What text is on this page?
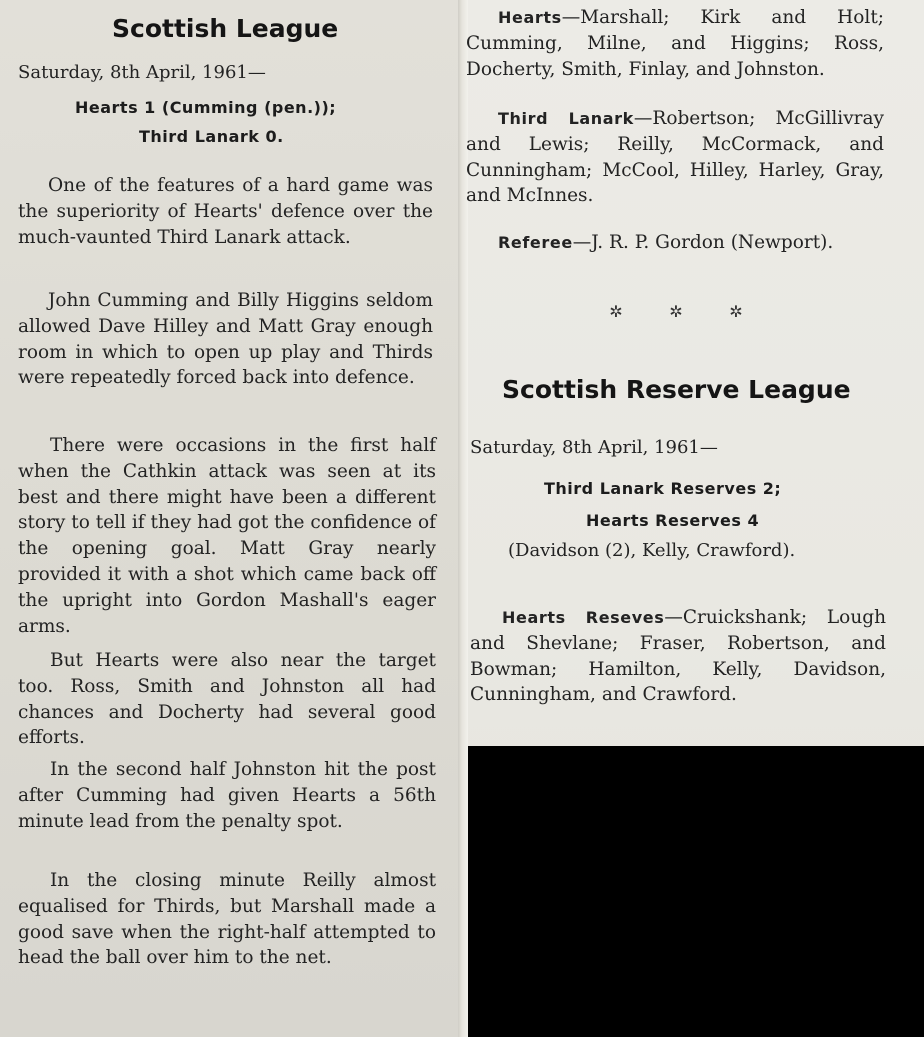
Scottish League
Saturday, 8th April, 1961—
Hearts 1 (Cumming (pen.));
Third Lanark 0.
One of the features of a hard game was the superiority of Hearts' defence over the much-vaunted Third Lanark attack.
John Cumming and Billy Higgins seldom allowed Dave Hilley and Matt Gray enough room in which to open up play and Thirds were repeatedly forced back into defence.
There were occasions in the first half when the Cathkin attack was seen at its best and there might have been a different story to tell if they had got the confidence of the opening goal. Matt Gray nearly provided it with a shot which came back off the upright into Gordon Mashall's eager arms.
But Hearts were also near the target too. Ross, Smith and Johnston all had chances and Docherty had several good efforts.
In the second half Johnston hit the post after Cumming had given Hearts a 56th minute lead from the penalty spot.
In the closing minute Reilly almost equalised for Thirds, but Marshall made a good save when the right-half attempted to head the ball over him to the net.
Hearts—Marshall; Kirk and Holt; Cumming, Milne, and Higgins; Ross, Docherty, Smith, Finlay, and Johnston.
Third Lanark—Robertson; McGillivray and Lewis; Reilly, McCormack, and Cunningham; McCool, Hilley, Harley, Gray, and McInnes.
Referee—J. R. P. Gordon (Newport).
✲	✲	✲
Scottish Reserve League
Saturday, 8th April, 1961—
Third Lanark Reserves 2;
Hearts Reserves 4
(Davidson (2), Kelly, Crawford).
Hearts Reseves—Cruickshank; Lough and Shevlane; Fraser, Robertson, and Bowman; Hamilton, Kelly, Davidson, Cunningham, and Crawford.
